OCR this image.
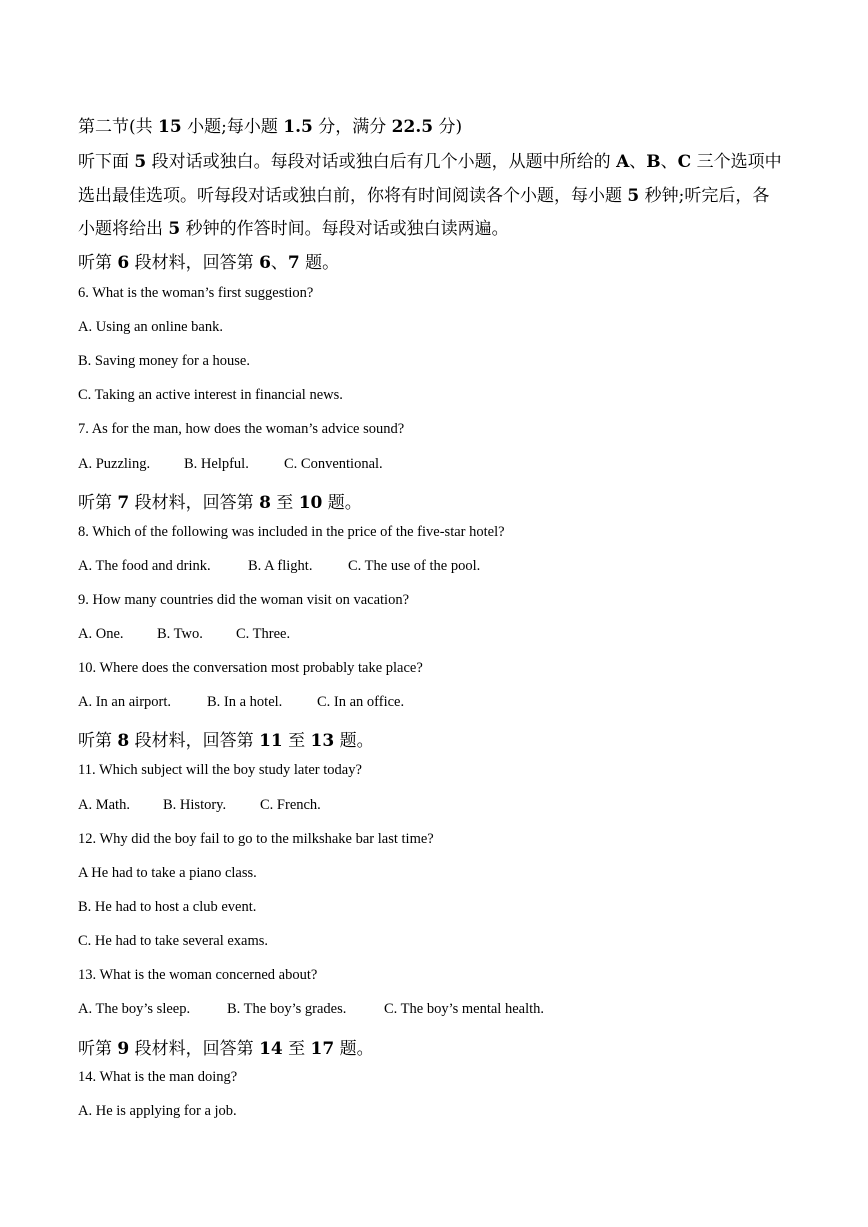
第二节(共 15 小题;每小题 1.5 分，满分 22.5 分)
听下面 5 段对话或独白。每段对话或独白后有几个小题，从题中所给的 A、B、C 三个选项中
选出最佳选项。听每段对话或独白前，你将有时间阅读各个小题，每小题 5 秒钟;听完后，各
小题将给出 5 秒钟的作答时间。每段对话或独白读两遍。
听第 6 段材料，回答第 6、7 题。
6. What is the woman’s first suggestion?
A. Using an online bank.
B. Saving money for a house.
C. Taking an active interest in financial news.
7. As for the man, how does the woman’s advice sound?
A. Puzzling. B. Helpful. C. Conventional.
听第 7 段材料，回答第 8 至 10 题。
8. Which of the following was included in the price of the five-star hotel?
A. The food and drink.	B. A flight. C. The use of the pool.
9. How many countries did the woman visit on vacation?
A. One. B. Two. C. Three.
10. Where does the conversation most probably take place?
A. In an airport. B. In a hotel. C. In an office.
听第 8 段材料，回答第 11 至 13 题。
11. Which subject will the boy study later today?
A. Math. B. History. C. French.
12. Why did the boy fail to go to the milkshake bar last time?
A He had to take a piano class.
B. He had to host a club event.
C. He had to take several exams.
13. What is the woman concerned about?
A. The boy’s sleep.	B. The boy’s grades.	C. The boy’s mental health.
听第 9 段材料，回答第 14 至 17 题。
14. What is the man doing?
A. He is applying for a job.
